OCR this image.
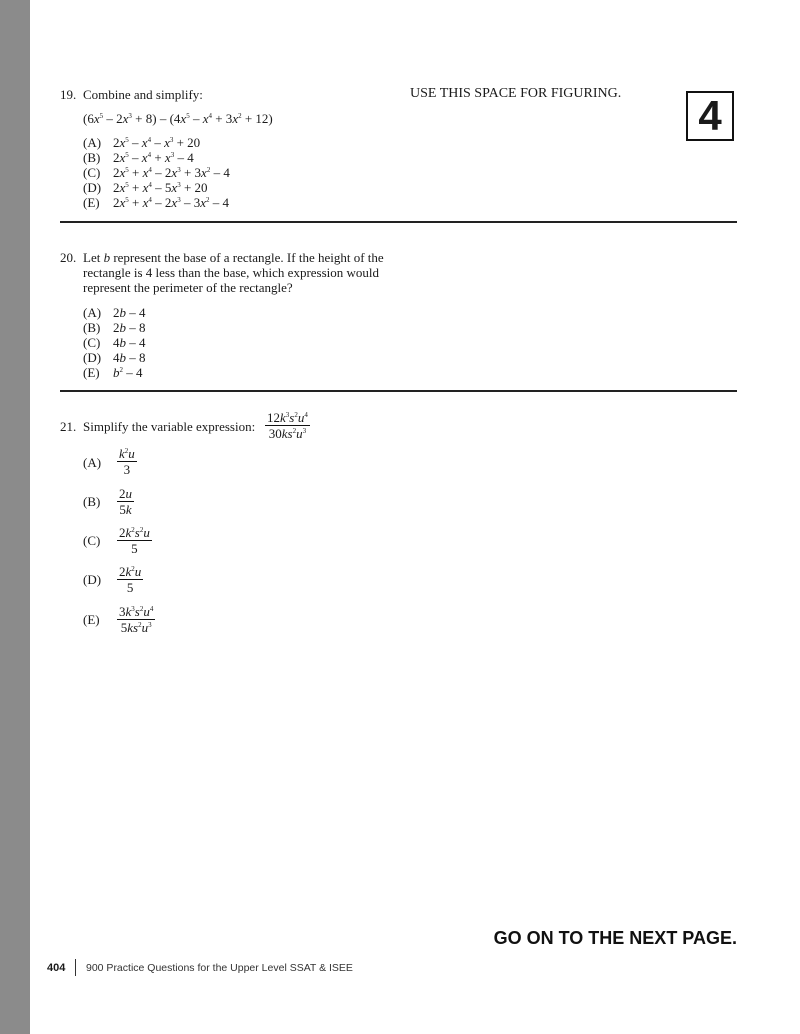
USE THIS SPACE FOR FIGURING. 4
19. Combine and simplify:
$(6x^5 - 2x^3 + 8) - (4x^5 - x^4 + 3x^2 + 12)$
(A) $2x^5 - x^4 - x^3 + 20$
(B) $2x^5 - x^4 + x^3 - 4$
(C) $2x^5 + x^4 - 2x^3 + 3x^2 - 4$
(D) $2x^5 + x^4 - 5x^3 + 20$
(E) $2x^5 + x^4 - 2x^3 - 3x^2 - 4$
20. Let b represent the base of a rectangle. If the height of the
rectangle is 4 less than the base, which expression would
represent the perimeter of the rectangle?
(A) 2b – 4
(B) 2b – 8
(C) 4b – 4
(D) 4b – 8
(E) $b^2 - 4$
21. Simplify the variable expression:
$12k^3s^2u^4$
$30ks^2u^3$
(A)
$k^2u$
3
(B)
2u
5k
(C)
$2k^2s^2u$
5
(D)
$2k^2u$
5
(E)
$3k^3s^2u^4$
$5ks^2u^3$
GO ON TO THE NEXT PAGE.
404 900 Practice Questions for the Upper Level SSAT & ISEE
